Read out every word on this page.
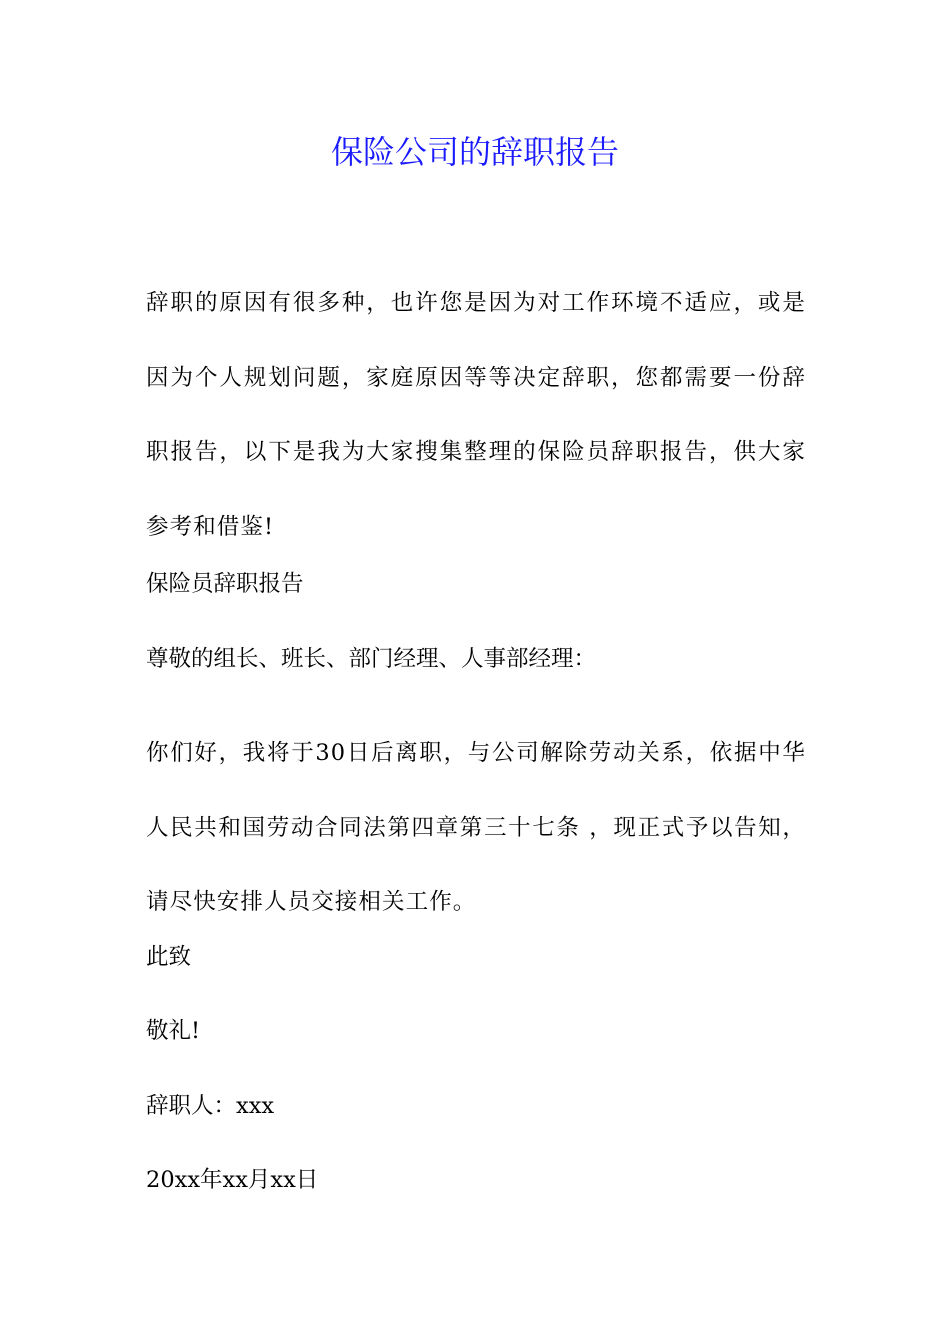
保险公司的辞职报告

辞职的原因有很多种，也许您是因为对工作环境不适应，或是因为个人规划问题，家庭原因等等决定辞职，您都需要一份辞职报告，以下是我为大家搜集整理的保险员辞职报告，供大家参考和借鉴!

保险员辞职报告

尊敬的组长、班长、部门经理、人事部经理：

你们好，我将于30日后离职，与公司解除劳动关系，依据中华人民共和国劳动合同法第四章第三十七条 ，现正式予以告知，请尽快安排人员交接相关工作。

此致

敬礼!

辞职人：xxx

20xx年xx月xx日
